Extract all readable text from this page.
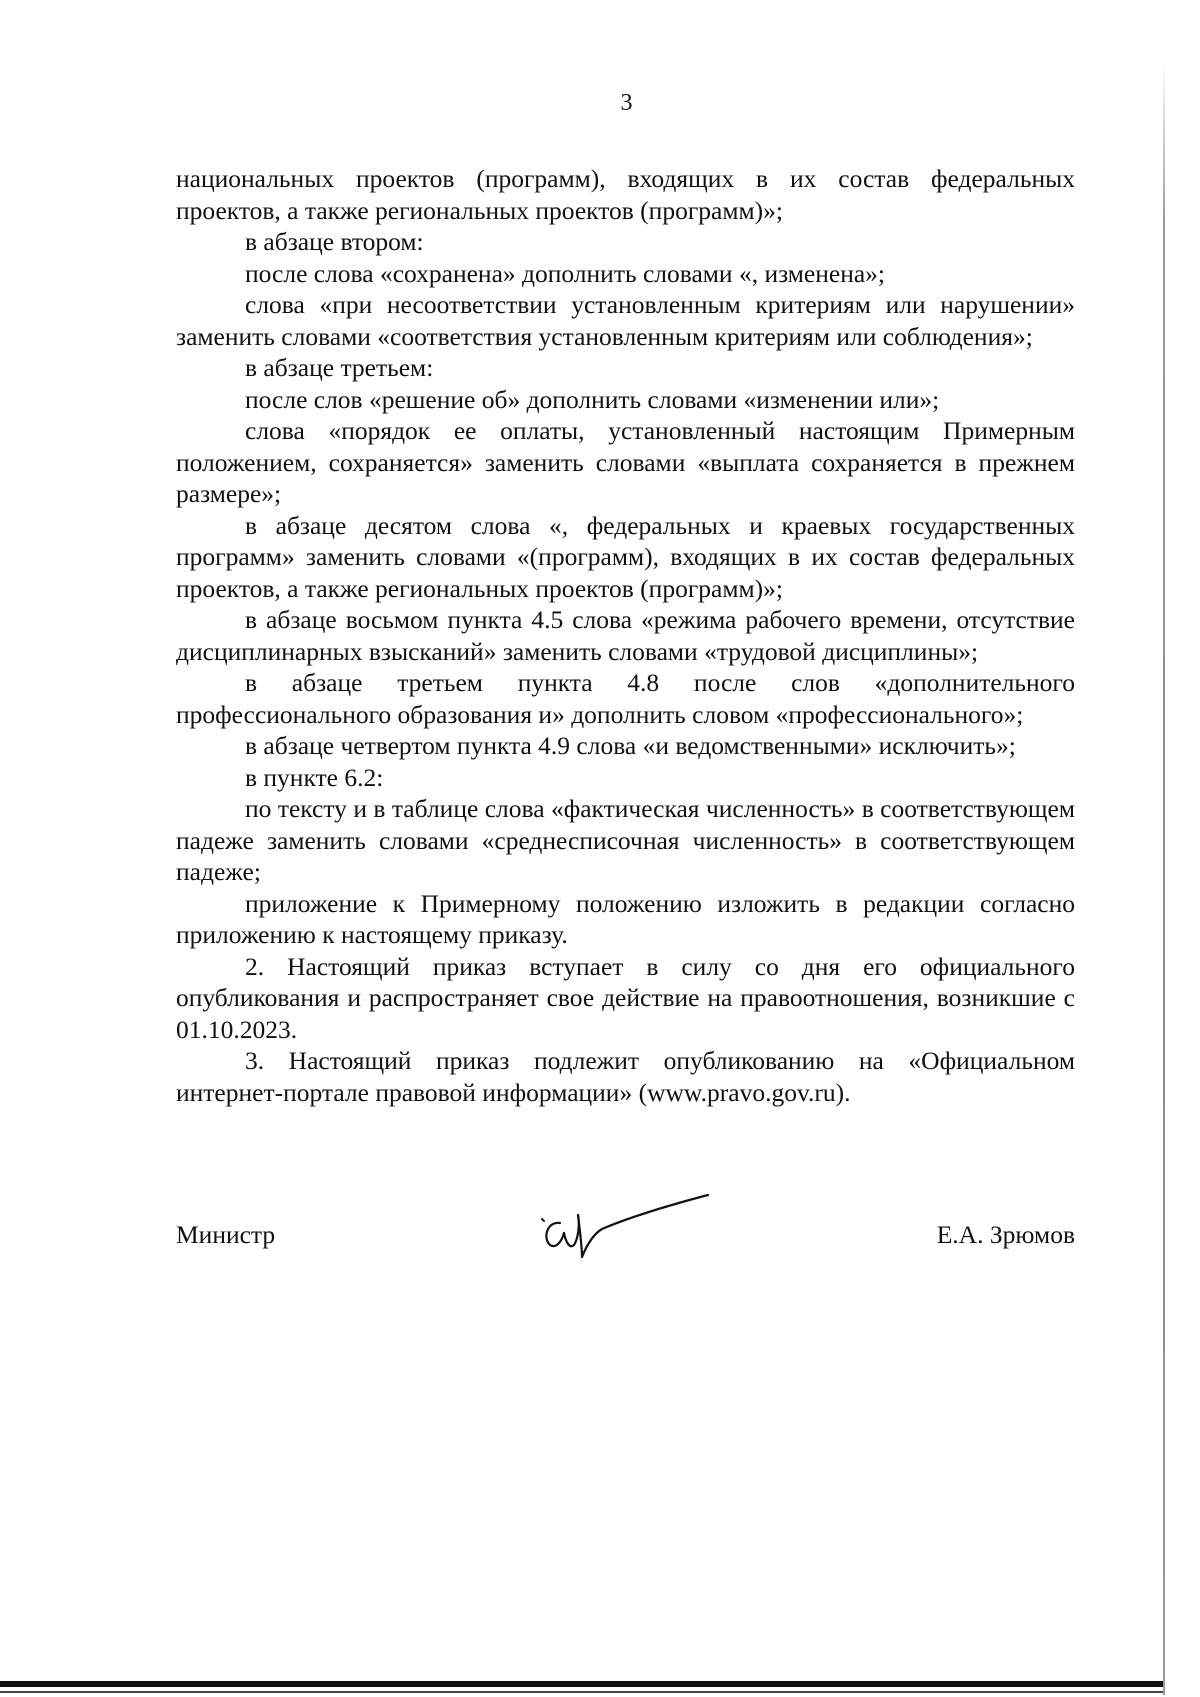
3

национальных проектов (программ), входящих в их состав федеральных проектов, а также региональных проектов (программ)»;

в абзаце втором:

после слова «сохранена» дополнить словами «, изменена»;

слова «при несоответствии установленным критериям или нарушении» заменить словами «соответствия установленным критериям или соблюдения»;

в абзаце третьем:

после слов «решение об» дополнить словами «изменении или»;

слова «порядок ее оплаты, установленный настоящим Примерным положением, сохраняется» заменить словами «выплата сохраняется в прежнем размере»;

в абзаце десятом слова «, федеральных и краевых государственных программ» заменить словами «(программ), входящих в их состав федеральных проектов, а также региональных проектов (программ)»;

в абзаце восьмом пункта 4.5 слова «режима рабочего времени, отсутствие дисциплинарных взысканий» заменить словами «трудовой дисциплины»;

в абзаце третьем пункта 4.8 после слов «дополнительного профессионального образования и» дополнить словом «профессионального»;

в абзаце четвертом пункта 4.9 слова «и ведомственными» исключить»;

в пункте 6.2:

по тексту и в таблице слова «фактическая численность» в соответствующем падеже заменить словами «среднесписочная численность» в соответствующем падеже;

приложение к Примерному положению изложить в редакции согласно приложению к настоящему приказу.

2. Настоящий приказ вступает в силу со дня его официального опубликования и распространяет свое действие на правоотношения, возникшие с 01.10.2023.

3. Настоящий приказ подлежит опубликованию на «Официальном интернет-портале правовой информации» (www.pravo.gov.ru).

Министр	Е.А. Зрюмов
